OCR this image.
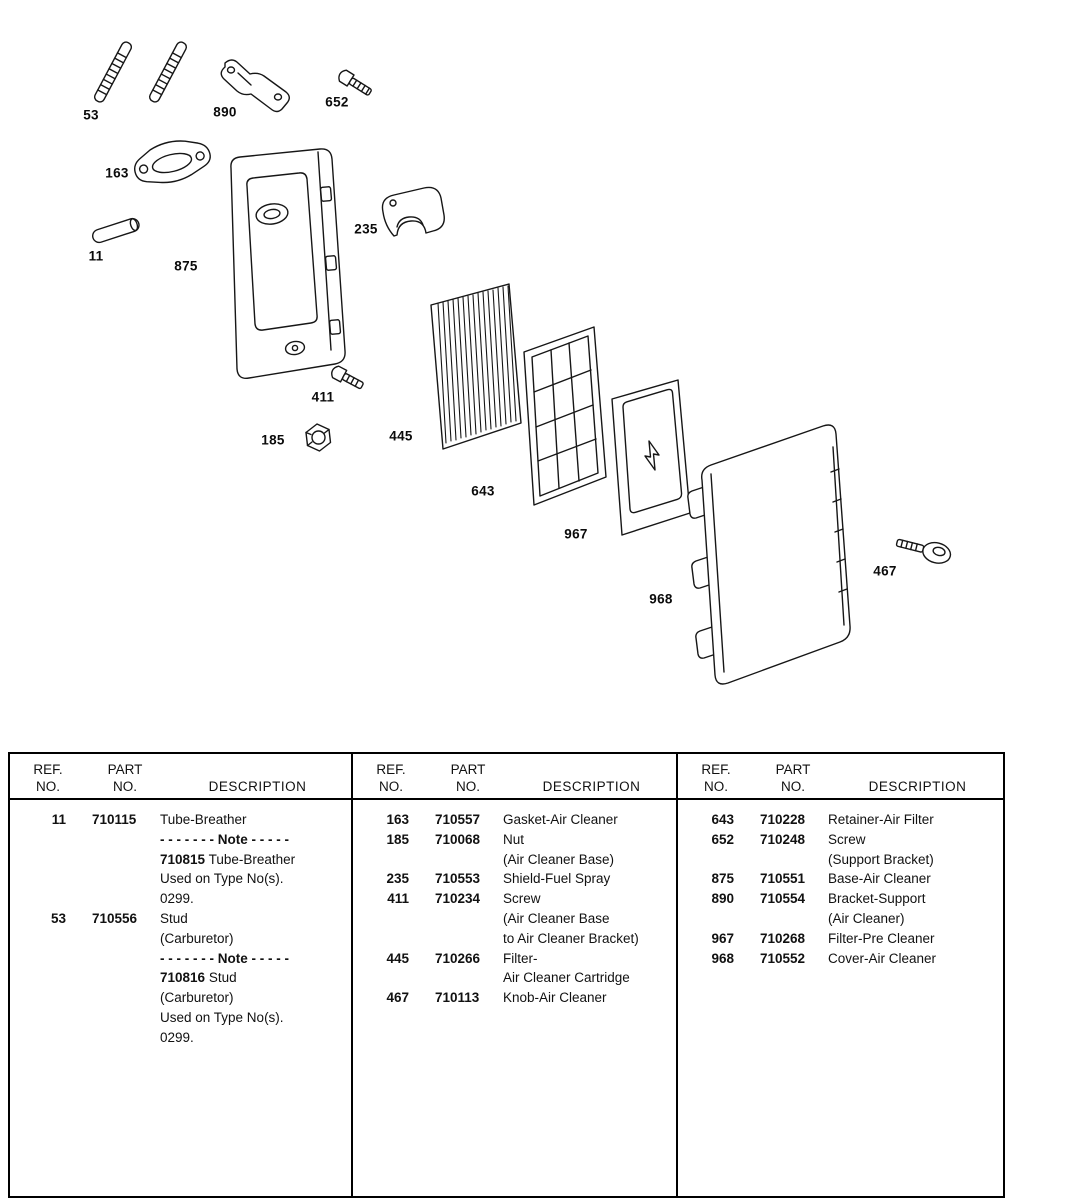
53	890
652
163
11
875
235
411
185	445
643
967
968
467
REF.	PART
NO.	NO.	DESCRIPTION
11	710115	Tube-Breather
- - - - - - - Note - - - - -
710815 Tube-Breather
Used on Type No(s).
0299.
53	710556	Stud
(Carburetor)
- - - - - - - Note - - - - -
710816 Stud
(Carburetor)
Used on Type No(s).
0299.
REF.	PART
NO.	NO.	DESCRIPTION
163	710557	Gasket-Air Cleaner
185	710068	Nut
(Air Cleaner Base)
235	710553	Shield-Fuel Spray
411	710234	Screw
(Air Cleaner Base
to Air Cleaner Bracket)
445	710266	Filter-
Air Cleaner Cartridge
467	710113	Knob-Air Cleaner
REF.	PART
NO.	NO.	DESCRIPTION
643	710228	Retainer-Air Filter
652	710248	Screw
(Support Bracket)
875	710551	Base-Air Cleaner
890	710554	Bracket-Support
(Air Cleaner)
967	710268	Filter-Pre Cleaner
968	710552	Cover-Air Cleaner
